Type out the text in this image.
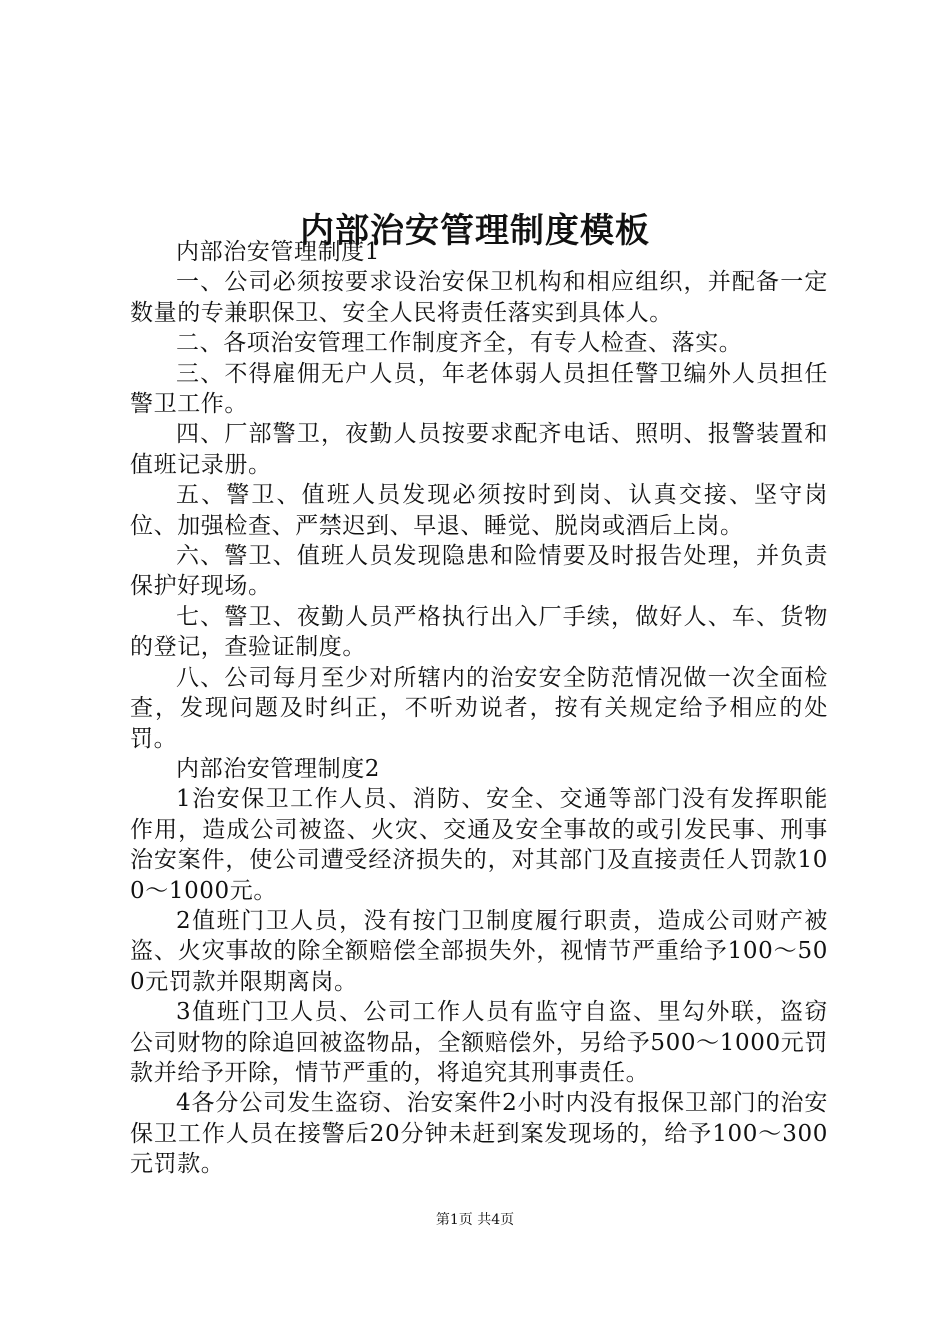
内部治安管理制度模板

内部治安管理制度1

一、公司必须按要求设治安保卫机构和相应组织，并配备一定数量的专兼职保卫、安全人民将责任落实到具体人。

二、各项治安管理工作制度齐全，有专人检查、落实。

三、不得雇佣无户人员，年老体弱人员担任警卫编外人员担任警卫工作。

四、厂部警卫，夜勤人员按要求配齐电话、照明、报警装置和值班记录册。

五、警卫、值班人员发现必须按时到岗、认真交接、坚守岗位、加强检查、严禁迟到、早退、睡觉、脱岗或酒后上岗。

六、警卫、值班人员发现隐患和险情要及时报告处理，并负责保护好现场。

七、警卫、夜勤人员严格执行出入厂手续，做好人、车、货物的登记，查验证制度。

八、公司每月至少对所辖内的治安安全防范情况做一次全面检查，发现问题及时纠正，不听劝说者，按有关规定给予相应的处罚。

内部治安管理制度2

1治安保卫工作人员、消防、安全、交通等部门没有发挥职能作用，造成公司被盗、火灾、交通及安全事故的或引发民事、刑事治安案件，使公司遭受经济损失的，对其部门及直接责任人罚款100～1000元。

2值班门卫人员，没有按门卫制度履行职责，造成公司财产被盗、火灾事故的除全额赔偿全部损失外，视情节严重给予100～500元罚款并限期离岗。

3值班门卫人员、公司工作人员有监守自盗、里勾外联，盗窃公司财物的除追回被盗物品，全额赔偿外，另给予500～1000元罚款并给予开除，情节严重的，将追究其刑事责任。

4各分公司发生盗窃、治安案件2小时内没有报保卫部门的治安保卫工作人员在接警后20分钟未赶到案发现场的，给予100～300元罚款。

第1页 共4页
